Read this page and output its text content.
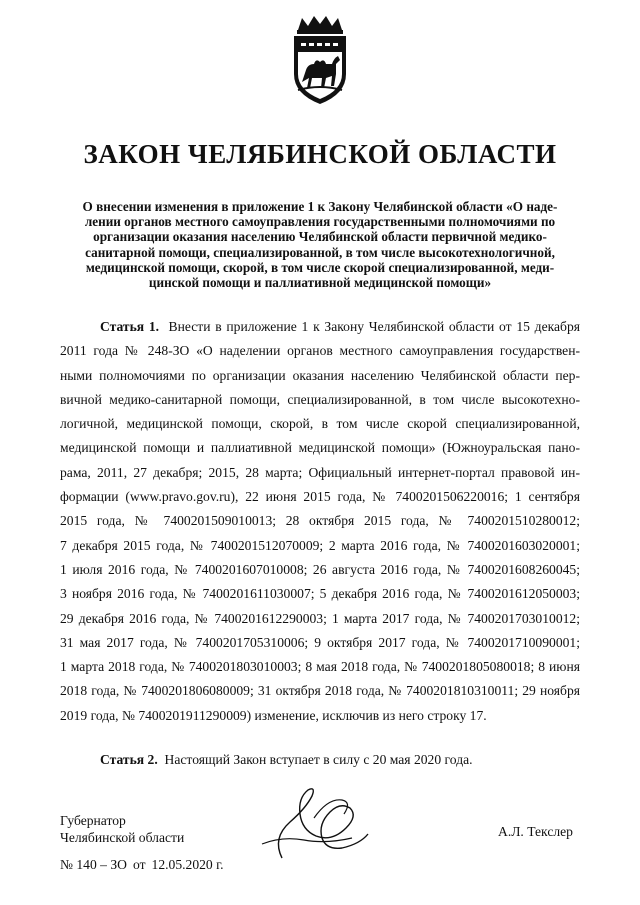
ЗАКОН ЧЕЛЯБИНСКОЙ ОБЛАСТИ
О внесении изменения в приложение 1 к Закону Челябинской области «О наде-
лении органов местного самоуправления государственными полномочиями по
организации оказания населению Челябинской области первичной медико-
санитарной помощи, специализированной, в том числе высокотехнологичной,
медицинской помощи, скорой, в том числе скорой специализированной, меди-
цинской помощи и паллиативной медицинской помощи»
Статья 1. Внести в приложение 1 к Закону Челябинской области от 15 декабря
2011 года № 248-ЗО «О наделении органов местного самоуправления государствен-
ными полномочиями по организации оказания населению Челябинской области пер-
вичной медико-санитарной помощи, специализированной, в том числе высокотехно-
логичной, медицинской помощи, скорой, в том числе скорой специализированной,
медицинской помощи и паллиативной медицинской помощи» (Южноуральская пано-
рама, 2011, 27 декабря; 2015, 28 марта; Официальный интернет-портал правовой ин-
формации (www.pravo.gov.ru), 22 июня 2015 года, № 7400201506220016; 1 сентября
2015 года, № 7400201509010013; 28 октября 2015 года, № 7400201510280012;
7 декабря 2015 года, № 7400201512070009; 2 марта 2016 года, № 7400201603020001;
1 июля 2016 года, № 7400201607010008; 26 августа 2016 года, № 7400201608260045;
3 ноября 2016 года, № 7400201611030007; 5 декабря 2016 года, № 7400201612050003;
29 декабря 2016 года, № 7400201612290003; 1 марта 2017 года, № 7400201703010012;
31 мая 2017 года, № 7400201705310006; 9 октября 2017 года, № 7400201710090001;
1 марта 2018 года, № 7400201803010003; 8 мая 2018 года, № 7400201805080018; 8 июня
2018 года, № 7400201806080009; 31 октября 2018 года, № 7400201810310011; 29 ноября
2019 года, № 7400201911290009) изменение, исключив из него строку 17.
Статья 2. Настоящий Закон вступает в силу с 20 мая 2020 года.
Губернатор
Челябинской области	А.Л. Текслер
№ 140 – ЗО от 12.05.2020 г.
